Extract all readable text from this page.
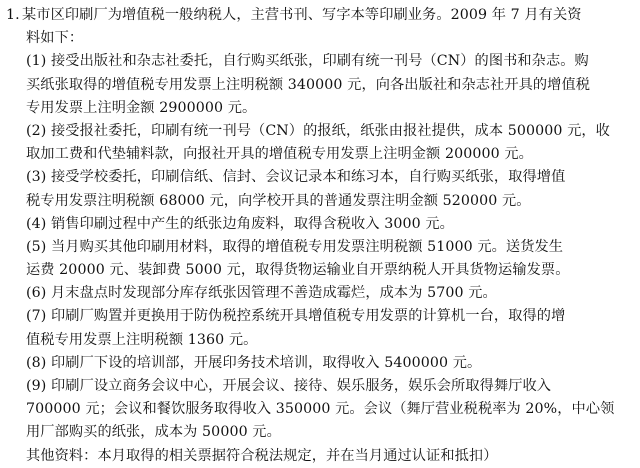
1. 某市区印刷厂为增值税一般纳税人，主营书刊、写字本等印刷业务。2009 年 7 月有关资
料如下：
(1) 接受出版社和杂志社委托，自行购买纸张，印刷有统一刊号（CN）的图书和杂志。购
买纸张取得的增值税专用发票上注明税额 340000 元，向各出版社和杂志社开具的增值税
专用发票上注明金额 2900000 元。
(2) 接受报社委托，印刷有统一刊号（CN）的报纸，纸张由报社提供，成本 500000 元，收
取加工费和代垫辅料款，向报社开具的增值税专用发票上注明金额 200000 元。
(3) 接受学校委托，印刷信纸、信封、会议记录本和练习本，自行购买纸张，取得增值
税专用发票注明税额 68000 元，向学校开具的普通发票注明金额 520000 元。
(4) 销售印刷过程中产生的纸张边角废料，取得含税收入 3000 元。
(5) 当月购买其他印刷用材料，取得的增值税专用发票注明税额 51000 元。送货发生
运费 20000 元、装卸费 5000 元，取得货物运输业自开票纳税人开具货物运输发票。
(6) 月末盘点时发现部分库存纸张因管理不善造成霉烂，成本为 5700 元。
(7) 印刷厂购置并更换用于防伪税控系统开具增值税专用发票的计算机一台，取得的增
值税专用发票上注明税额 1360 元。
(8) 印刷厂下设的培训部，开展印务技术培训，取得收入 5400000 元。
(9) 印刷厂设立商务会议中心，开展会议、接待、娱乐服务，娱乐会所取得舞厅收入
700000 元；会议和餐饮服务取得收入 350000 元。会议（舞厅营业税税率为 20%，中心领
用厂部购买的纸张，成本为 50000 元。
其他资料：本月取得的相关票据符合税法规定，并在当月通过认证和抵扣）
